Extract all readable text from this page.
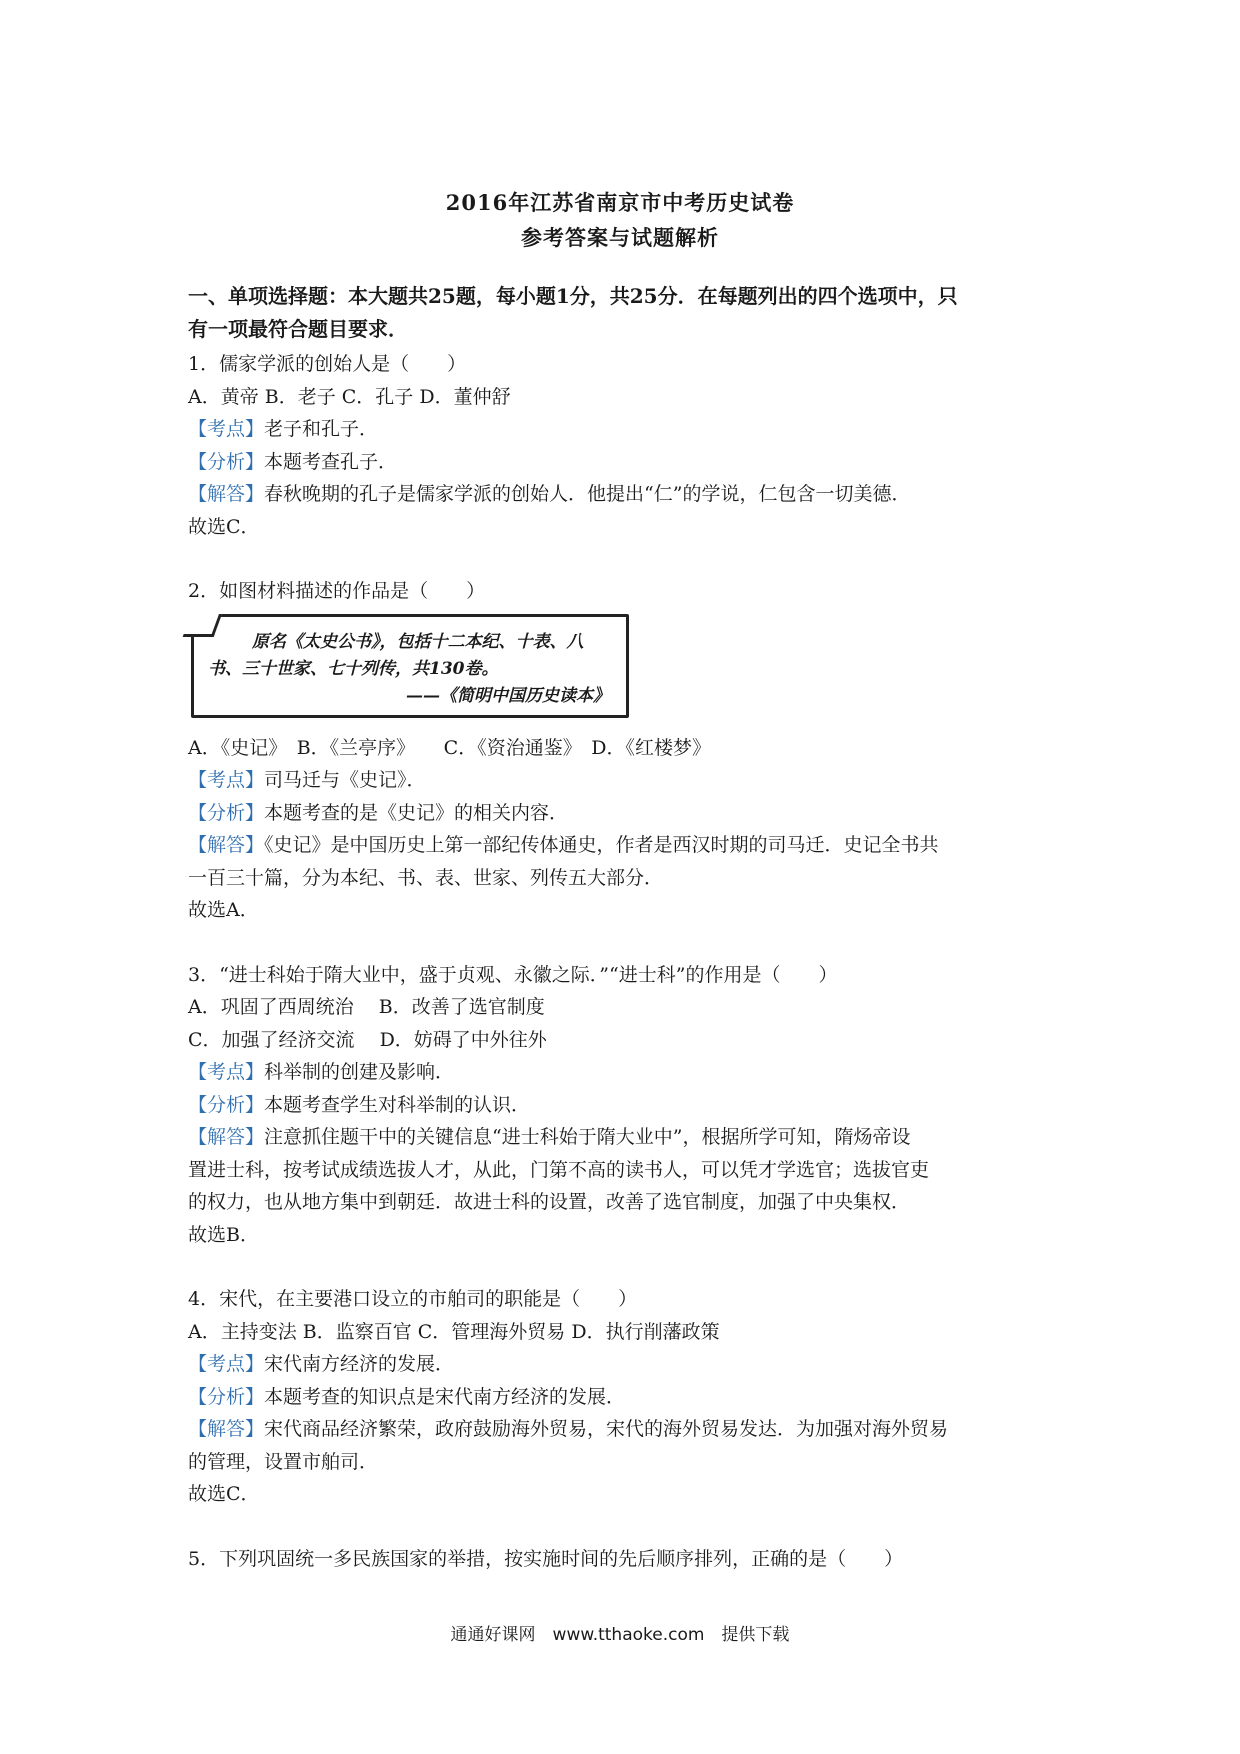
2016年江苏省南京市中考历史试卷
参考答案与试题解析
一、单项选择题：本大题共25题，每小题1分，共25分．在每题列出的四个选项中，只
有一项最符合题目要求．

1．儒家学派的创始人是（　　）

A．黄帝 B．老子 C．孔子 D．董仲舒

【考点】老子和孔子．

【分析】本题考查孔子．

【解答】春秋晚期的孔子是儒家学派的创始人．他提出“仁”的学说，仁包含一切美德．

故选C．

2．如图材料描述的作品是（　　）

原名《太史公书》，包括十二本纪、十表、八
书、三十世家、七十列传，共130卷。
——《简明中国历史读本》

A．《史记》　B．《兰亭序》　　C．《资治通鉴》　D．《红楼梦》

【考点】司马迁与《史记》．

【分析】本题考查的是《史记》的相关内容．

【解答】《史记》是中国历史上第一部纪传体通史，作者是西汉时期的司马迁．史记全书共

一百三十篇，分为本纪、书、表、世家、列传五大部分．

故选A．

3．“进士科始于隋大业中，盛于贞观、永徽之际．”“进士科”的作用是（　　）

A．巩固了西周统治　 B．改善了选官制度

C．加强了经济交流　 D．妨碍了中外往外

【考点】科举制的创建及影响．

【分析】本题考查学生对科举制的认识．

【解答】注意抓住题干中的关键信息“进士科始于隋大业中”，根据所学可知，隋炀帝设

置进士科，按考试成绩选拔人才，从此，门第不高的读书人，可以凭才学选官；选拔官吏

的权力，也从地方集中到朝廷．故进士科的设置，改善了选官制度，加强了中央集权．

故选B．

4．宋代，在主要港口设立的市舶司的职能是（　　）

A．主持变法 B．监察百官 C．管理海外贸易 D．执行削藩政策

【考点】宋代南方经济的发展．

【分析】本题考查的知识点是宋代南方经济的发展．

【解答】宋代商品经济繁荣，政府鼓励海外贸易，宋代的海外贸易发达．为加强对海外贸易

的管理，设置市舶司．

故选C．

5．下列巩固统一多民族国家的举措，按实施时间的先后顺序排列，正确的是（　　）

通通好课网　www.tthaoke.com　提供下载
